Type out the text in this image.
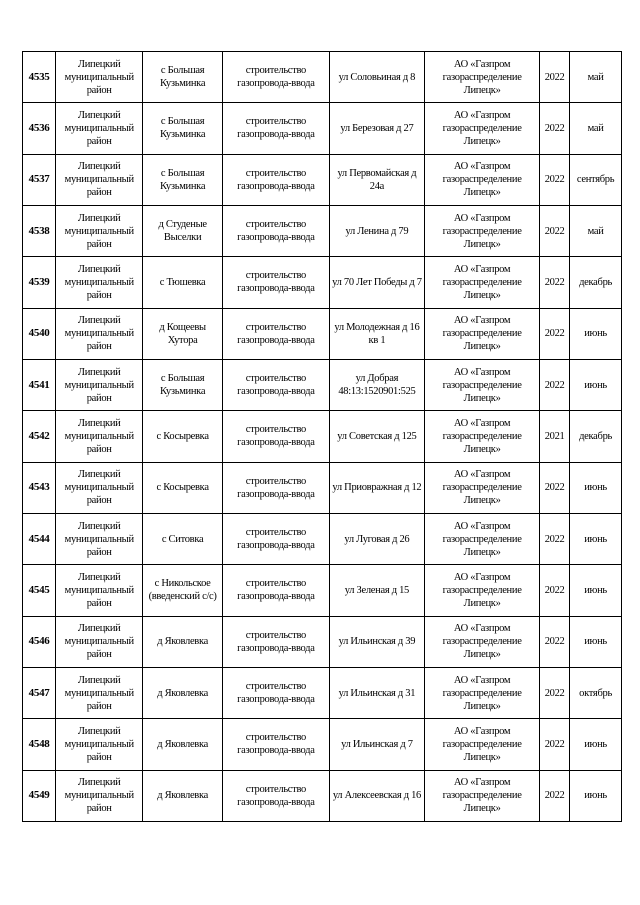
4535	Липецкий муниципальный район	с Большая Кузьминка	строительство газопровода-ввода	ул Соловьиная д 8	АО «Газпром газораспределение Липецк»	2022	май
4536	Липецкий муниципальный район	с Большая Кузьминка	строительство газопровода-ввода	ул Березовая д 27	АО «Газпром газораспределение Липецк»	2022	май
4537	Липецкий муниципальный район	с Большая Кузьминка	строительство газопровода-ввода	ул Первомайская д 24а	АО «Газпром газораспределение Липецк»	2022	сентябрь
4538	Липецкий муниципальный район	д Студеные Выселки	строительство газопровода-ввода	ул Ленина д 79	АО «Газпром газораспределение Липецк»	2022	май
4539	Липецкий муниципальный район	с Тюшевка	строительство газопровода-ввода	ул 70 Лет Победы д 7	АО «Газпром газораспределение Липецк»	2022	декабрь
4540	Липецкий муниципальный район	д Кощеевы Хутора	строительство газопровода-ввода	ул Молодежная д 16 кв 1	АО «Газпром газораспределение Липецк»	2022	июнь
4541	Липецкий муниципальный район	с Большая Кузьминка	строительство газопровода-ввода	ул Добрая 48:13:1520901:525	АО «Газпром газораспределение Липецк»	2022	июнь
4542	Липецкий муниципальный район	с Косыревка	строительство газопровода-ввода	ул Советская д 125	АО «Газпром газораспределение Липецк»	2021	декабрь
4543	Липецкий муниципальный район	с Косыревка	строительство газопровода-ввода	ул Приовражная д 12	АО «Газпром газораспределение Липецк»	2022	июнь
4544	Липецкий муниципальный район	с Ситовка	строительство газопровода-ввода	ул Луговая д 26	АО «Газпром газораспределение Липецк»	2022	июнь
4545	Липецкий муниципальный район	с Никольское (введенский с/с)	строительство газопровода-ввода	ул Зеленая д 15	АО «Газпром газораспределение Липецк»	2022	июнь
4546	Липецкий муниципальный район	д Яковлевка	строительство газопровода-ввода	ул Ильинская д 39	АО «Газпром газораспределение Липецк»	2022	июнь
4547	Липецкий муниципальный район	д Яковлевка	строительство газопровода-ввода	ул Ильинская д 31	АО «Газпром газораспределение Липецк»	2022	октябрь
4548	Липецкий муниципальный район	д Яковлевка	строительство газопровода-ввода	ул Ильинская д 7	АО «Газпром газораспределение Липецк»	2022	июнь
4549	Липецкий муниципальный район	д Яковлевка	строительство газопровода-ввода	ул Алексеевская д 16	АО «Газпром газораспределение Липецк»	2022	июнь
